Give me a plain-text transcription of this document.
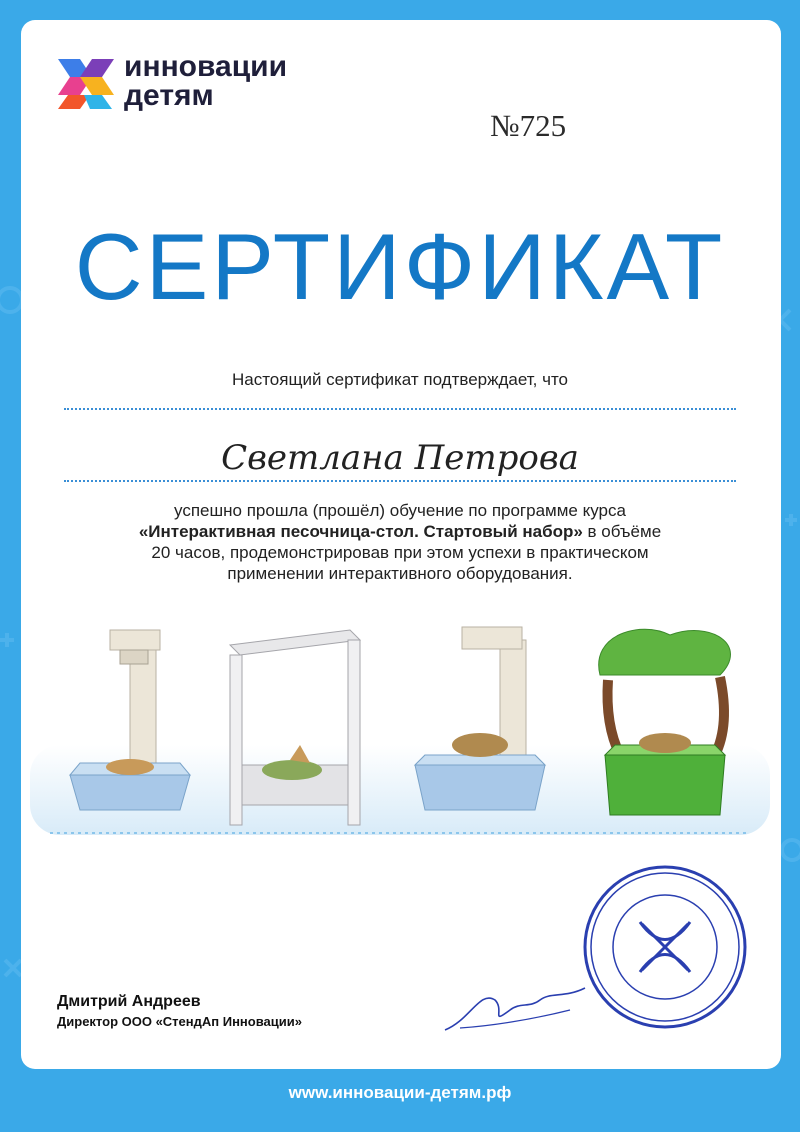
инновации
детям
№725
СЕРТИФИКАТ
Настоящий сертификат подтверждает, что
Светлана Петрова
успешно прошла (прошёл) обучение по программе курса
«Интерактивная песочница-стол. Стартовый набор» в объёме
20 часов, продемонстрировав при этом успехи в практическом
применении интерактивного оборудования.
Дмитрий Андреев
Директор ООО «СтендАп Инновации»
www.инновации-детям.рф
